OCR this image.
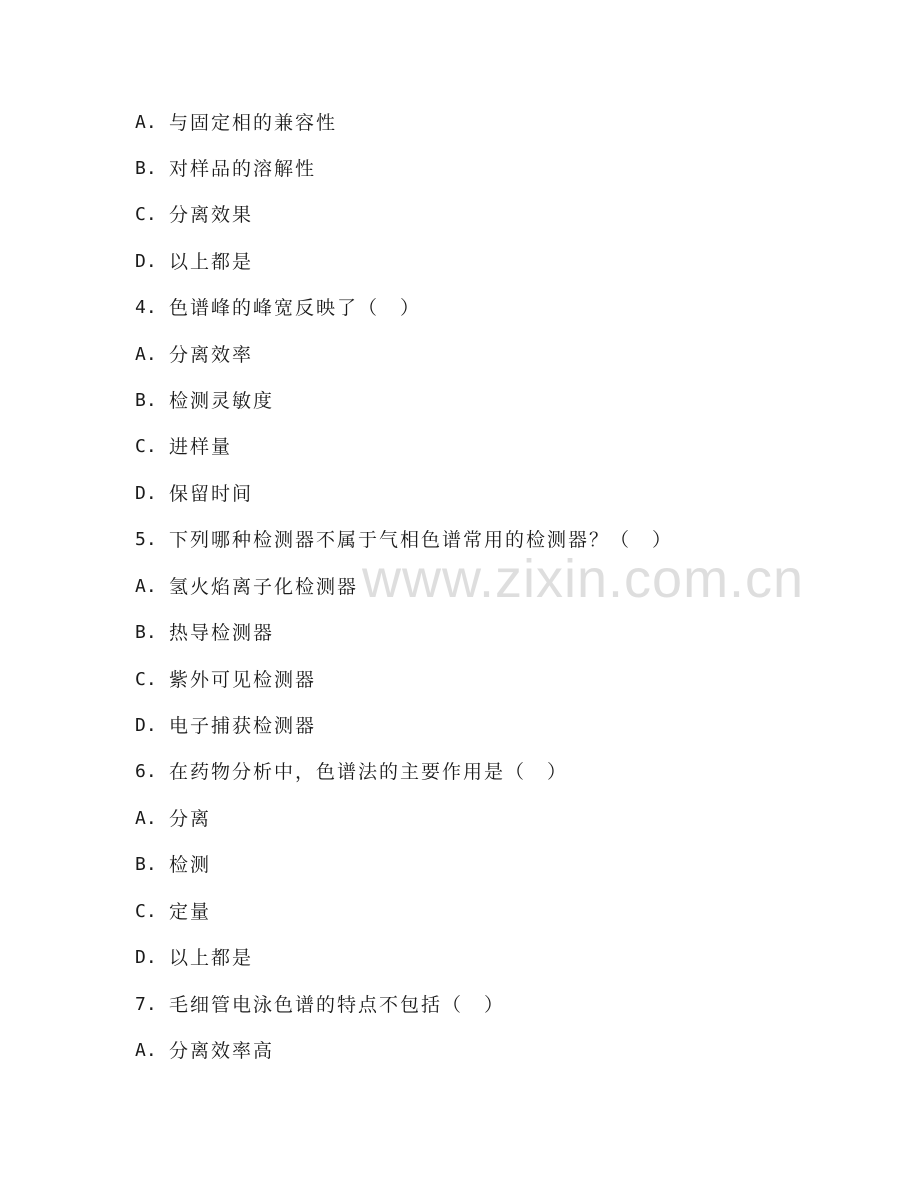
A. 与固定相的兼容性
B. 对样品的溶解性
C. 分离效果
D. 以上都是
4. 色谱峰的峰宽反映了（　）
A. 分离效率
B. 检测灵敏度
C. 进样量
D. 保留时间
5. 下列哪种检测器不属于气相色谱常用的检测器？（　）
A. 氢火焰离子化检测器
B. 热导检测器
C. 紫外可见检测器
D. 电子捕获检测器
6. 在药物分析中，色谱法的主要作用是（　）
A. 分离
B. 检测
C. 定量
D. 以上都是
7. 毛细管电泳色谱的特点不包括（　）
A. 分离效率高
www.zixin.com.cn
